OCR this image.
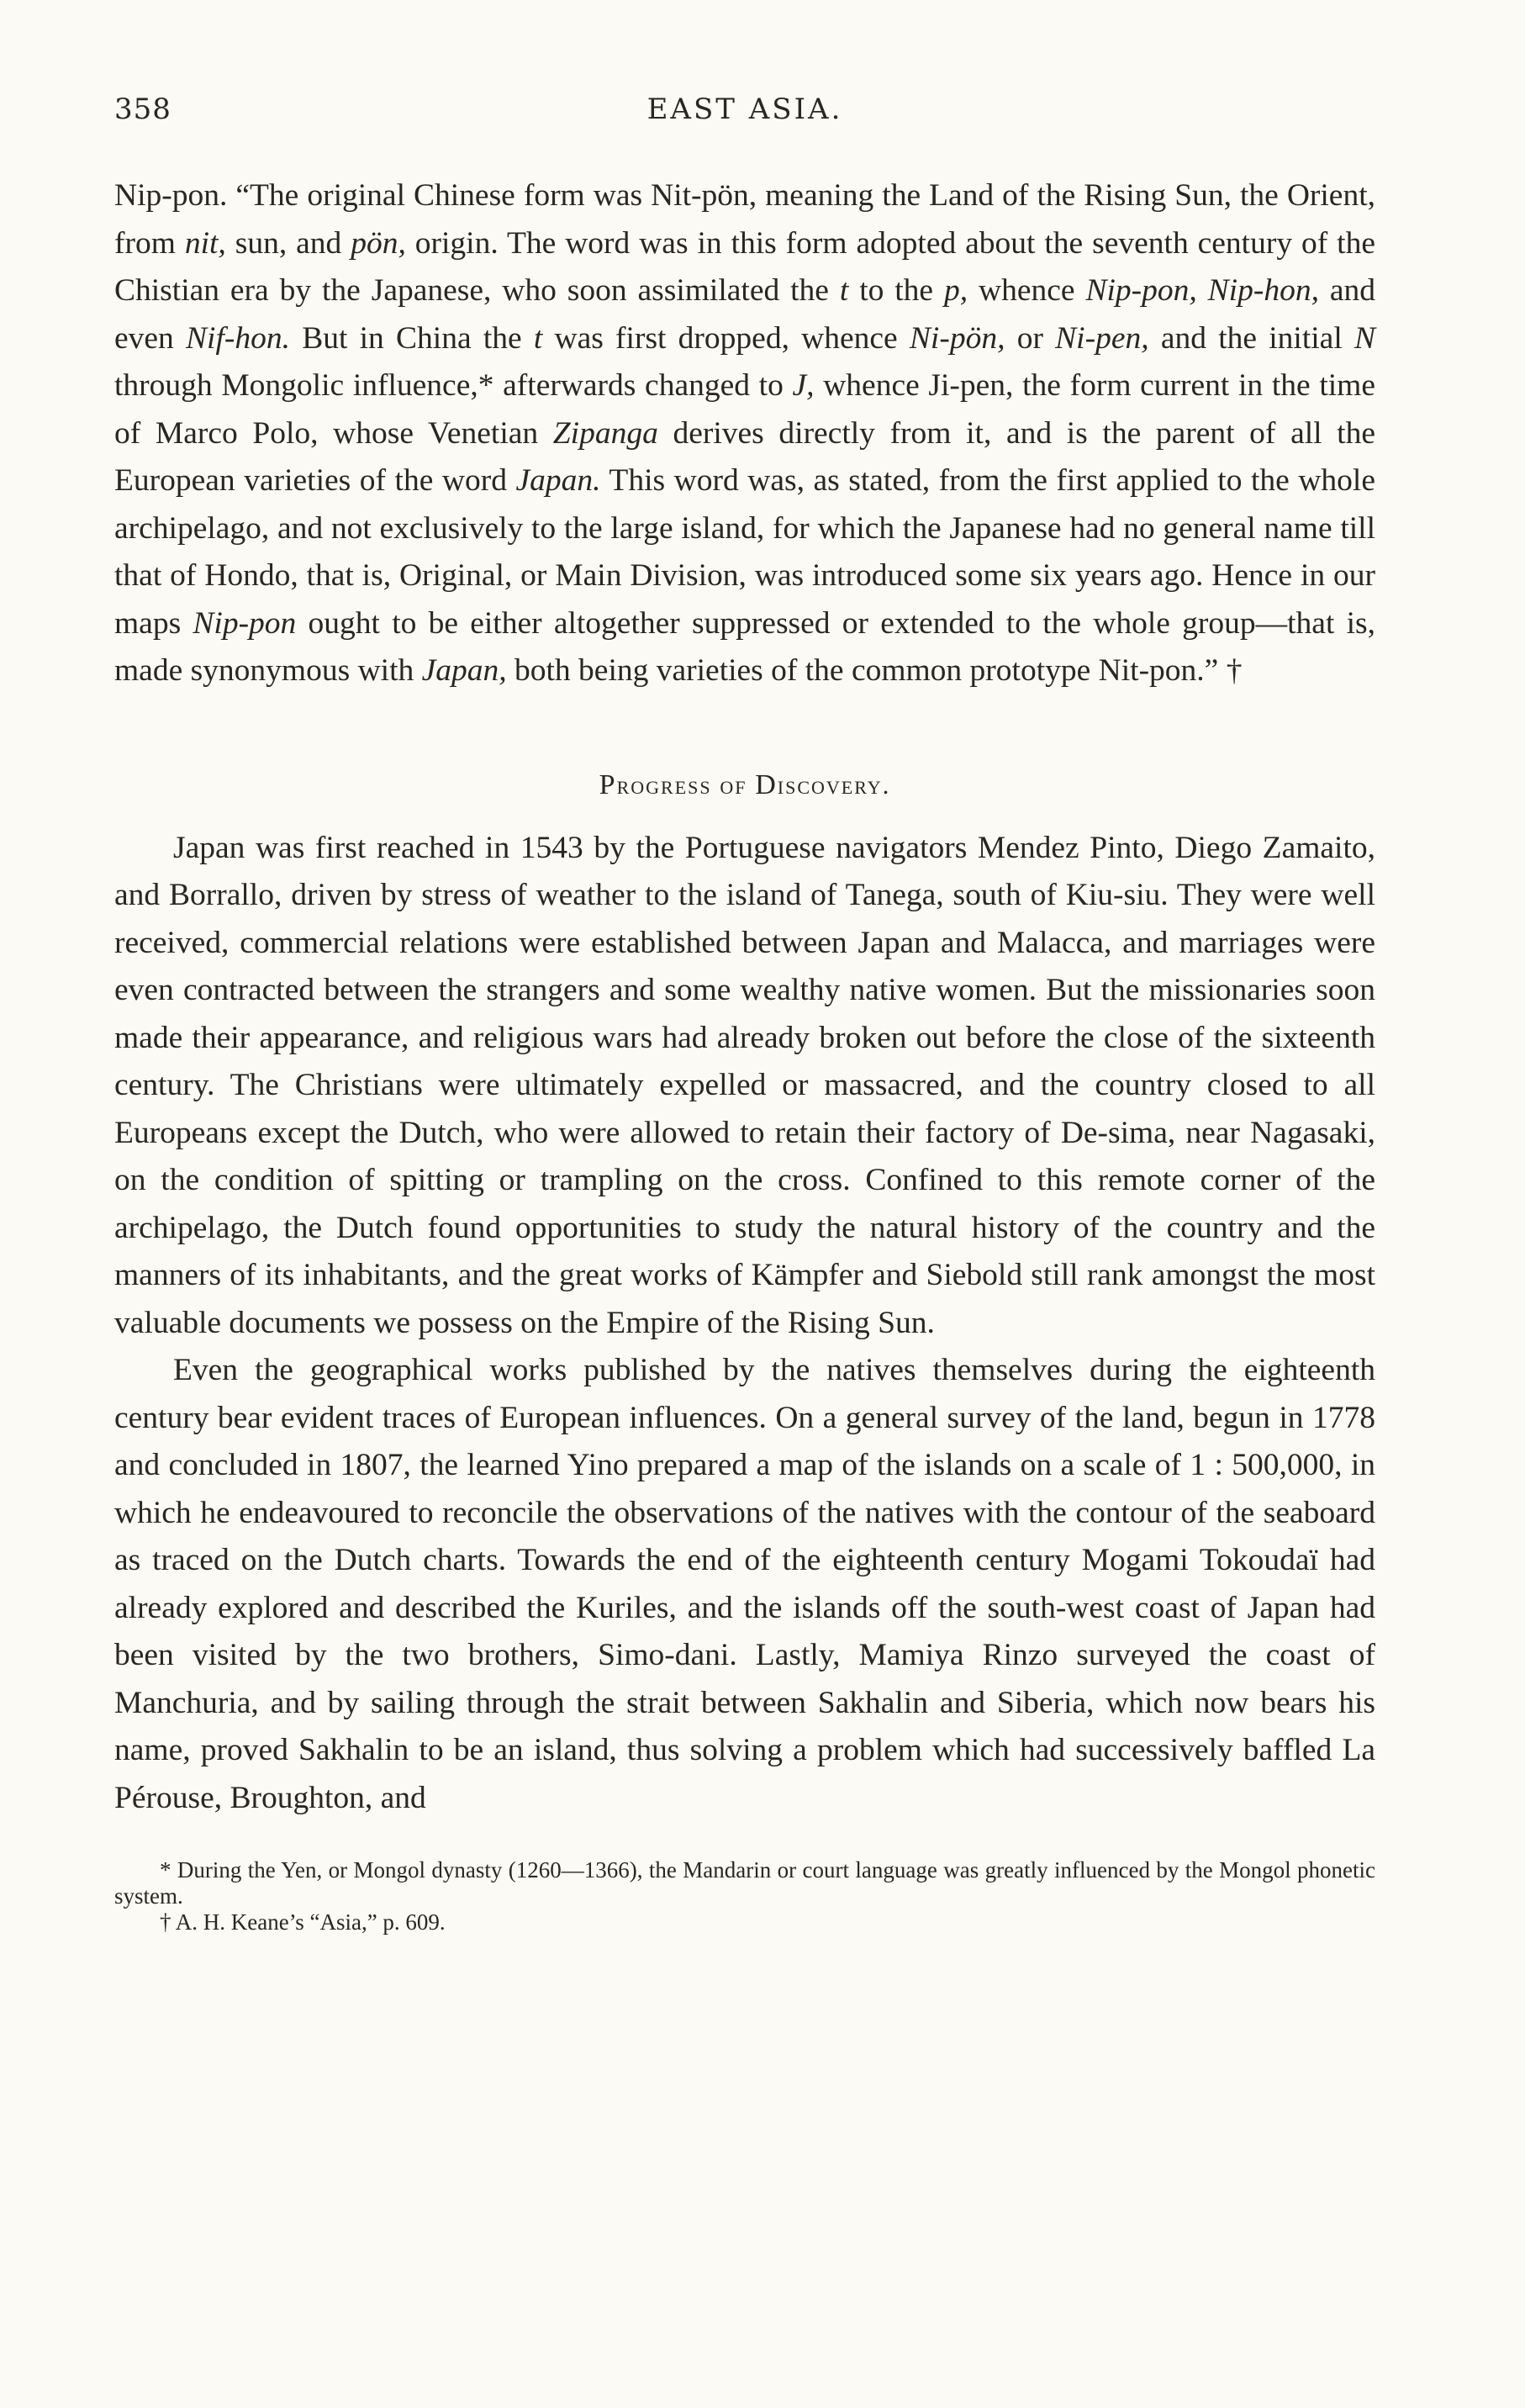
358	EAST ASIA.

Nip-pon. “The original Chinese form was Nit-pön, meaning the Land of the Rising Sun, the Orient, from nit, sun, and pön, origin. The word was in this form adopted about the seventh century of the Chistian era by the Japanese, who soon assimilated the t to the p, whence Nip-pon, Nip-hon, and even Nif-hon. But in China the t was first dropped, whence Ni-pön, or Ni-pen, and the initial N through Mongolic influence,* afterwards changed to J, whence Ji-pen, the form current in the time of Marco Polo, whose Venetian Zipanga derives directly from it, and is the parent of all the European varieties of the word Japan. This word was, as stated, from the first applied to the whole archipelago, and not exclusively to the large island, for which the Japanese had no general name till that of Hondo, that is, Original, or Main Division, was introduced some six years ago. Hence in our maps Nip-pon ought to be either altogether suppressed or extended to the whole group—that is, made synonymous with Japan, both being varieties of the common prototype Nit-pon.” †

Progress of Discovery.

Japan was first reached in 1543 by the Portuguese navigators Mendez Pinto, Diego Zamaito, and Borrallo, driven by stress of weather to the island of Tanega, south of Kiu-siu. They were well received, commercial relations were established between Japan and Malacca, and marriages were even contracted between the strangers and some wealthy native women. But the missionaries soon made their appearance, and religious wars had already broken out before the close of the sixteenth century. The Christians were ultimately expelled or massacred, and the country closed to all Europeans except the Dutch, who were allowed to retain their factory of De-sima, near Nagasaki, on the condition of spitting or trampling on the cross. Confined to this remote corner of the archipelago, the Dutch found opportunities to study the natural history of the country and the manners of its inhabitants, and the great works of Kämpfer and Siebold still rank amongst the most valuable documents we possess on the Empire of the Rising Sun.

Even the geographical works published by the natives themselves during the eighteenth century bear evident traces of European influences. On a general survey of the land, begun in 1778 and concluded in 1807, the learned Yino prepared a map of the islands on a scale of 1 : 500,000, in which he endeavoured to reconcile the observations of the natives with the contour of the seaboard as traced on the Dutch charts. Towards the end of the eighteenth century Mogami Tokoudaï had already explored and described the Kuriles, and the islands off the south-west coast of Japan had been visited by the two brothers, Simo-dani. Lastly, Mamiya Rinzo surveyed the coast of Manchuria, and by sailing through the strait between Sakhalin and Siberia, which now bears his name, proved Sakhalin to be an island, thus solving a problem which had successively baffled La Pérouse, Broughton, and

* During the Yen, or Mongol dynasty (1260—1366), the Mandarin or court language was greatly influenced by the Mongol phonetic system.

† A. H. Keane’s “Asia,” p. 609.
